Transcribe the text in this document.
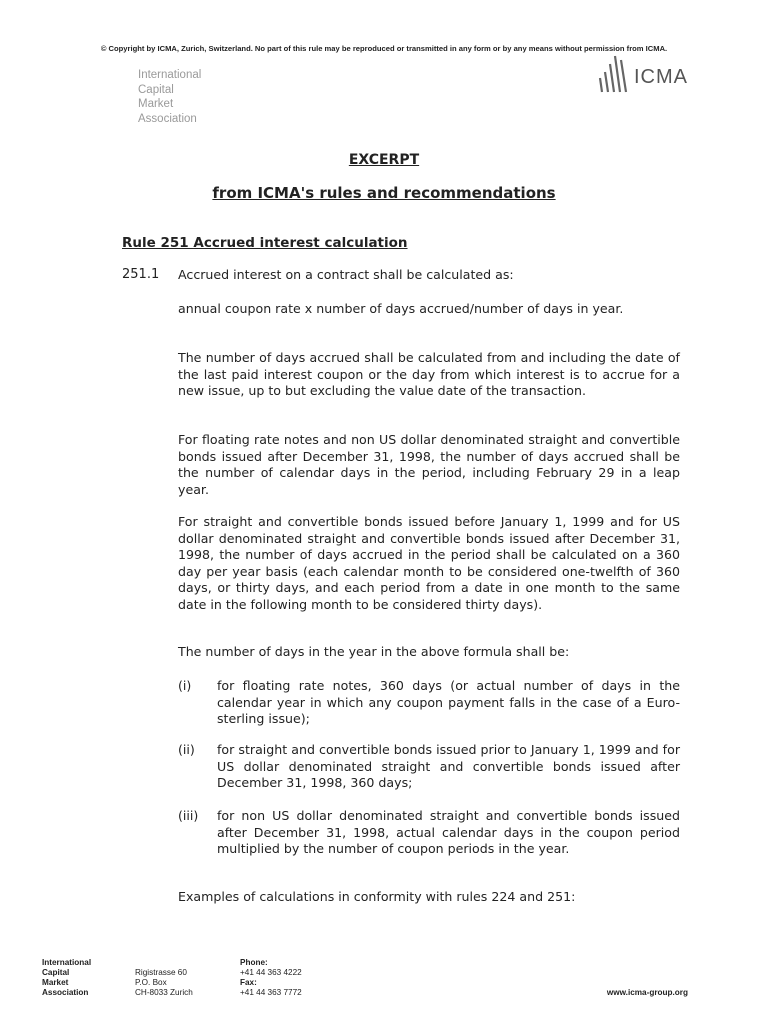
© Copyright by ICMA, Zurich, Switzerland. No part of this rule may be reproduced or transmitted in any form or by any means without permission from ICMA.
International
Capital
Market
Association
ICMA
EXCERPT
from ICMA's rules and recommendations
Rule 251 Accrued interest calculation
251.1 Accrued interest on a contract shall be calculated as:
annual coupon rate x number of days accrued/number of days in year.
The number of days accrued shall be calculated from and including the date of the last paid interest coupon or the day from which interest is to accrue for a new issue, up to but excluding the value date of the transaction.
For floating rate notes and non US dollar denominated straight and convertible bonds issued after December 31, 1998, the number of days accrued shall be the number of calendar days in the period, including February 29 in a leap year.
For straight and convertible bonds issued before January 1, 1999 and for US dollar denominated straight and convertible bonds issued after December 31, 1998, the number of days accrued in the period shall be calculated on a 360 day per year basis (each calendar month to be considered one-twelfth of 360 days, or thirty days, and each period from a date in one month to the same date in the following month to be considered thirty days).
The number of days in the year in the above formula shall be:
(i) for floating rate notes, 360 days (or actual number of days in the calendar year in which any coupon payment falls in the case of a Euro-sterling issue);
(ii) for straight and convertible bonds issued prior to January 1, 1999 and for US dollar denominated straight and convertible bonds issued after December 31, 1998, 360 days;
(iii) for non US dollar denominated straight and convertible bonds issued after December 31, 1998, actual calendar days in the coupon period multiplied by the number of coupon periods in the year.
Examples of calculations in conformity with rules 224 and 251:
International
Capital
Market
Association
Rigistrasse 60
P.O. Box
CH-8033 Zurich
Phone:
+41 44 363 4222
Fax:
+41 44 363 7772	www.icma-group.org
